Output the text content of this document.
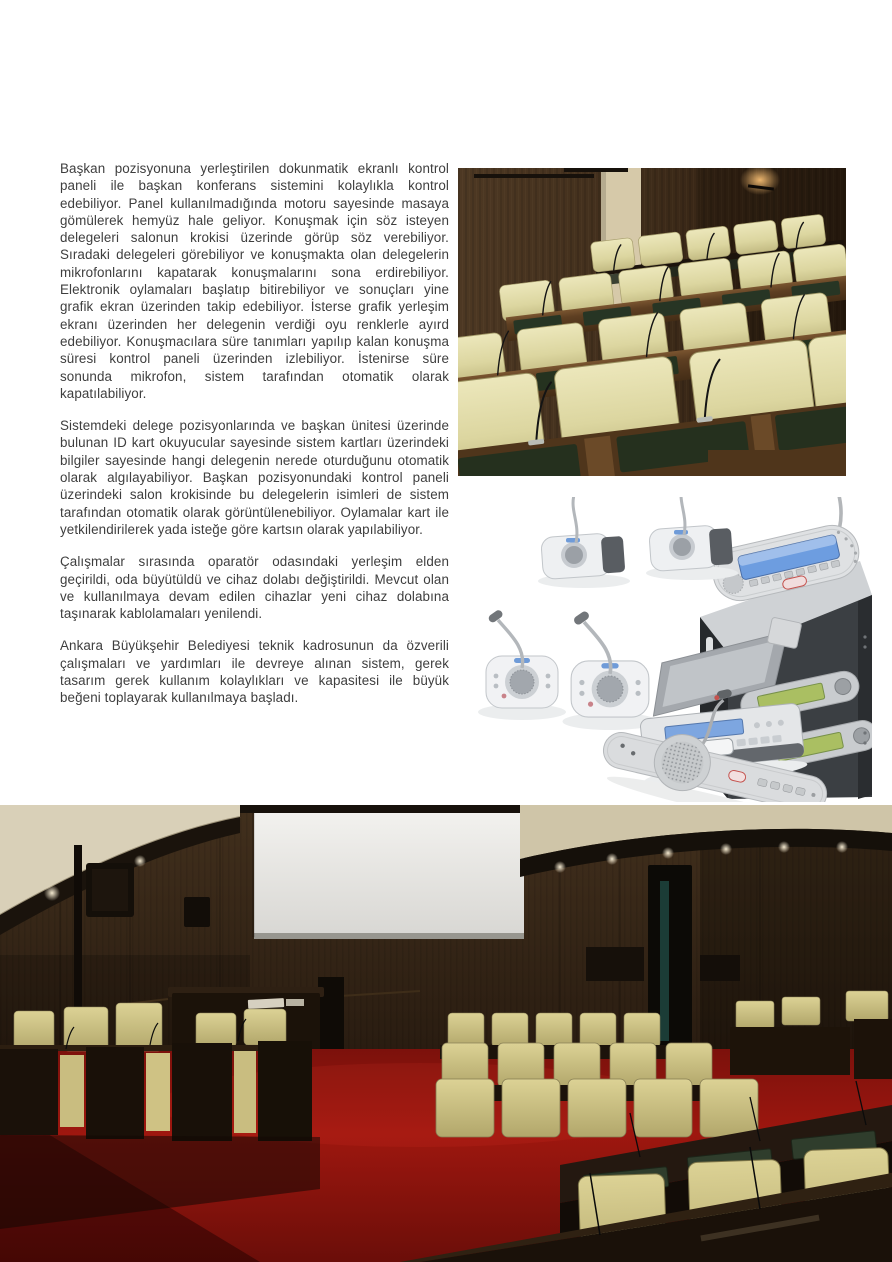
Başkan pozisyonuna yerleştirilen dokunmatik ekranlı kontrol paneli ile başkan konferans sistemini kolaylıkla kontrol edebiliyor. Panel kullanılmadığında motoru sayesinde masaya gömülerek hemyüz hale geliyor. Konuşmak için söz isteyen delegeleri salonun krokisi üzerinde görüp söz verebiliyor. Sıradaki delegeleri görebiliyor ve konuşmakta olan delegelerin mikrofonlarını kapatarak konuşmalarını sona erdirebiliyor. Elektronik oylamaları başlatıp bitirebiliyor ve sonuçları yine grafik ekran üzerinden takip edebiliyor. İsterse grafik yerleşim ekranı üzerinden her delegenin verdiği oyu renklerle ayırd edebiliyor. Konuşmacılara süre tanımları yapılıp kalan konuşma süresi kontrol paneli üzerinden izlebiliyor. İstenirse süre sonunda mikrofon, sistem tarafından otomatik olarak kapatılabiliyor.

Sistemdeki delege pozisyonlarında ve başkan ünitesi üzerinde bulunan ID kart okuyucular sayesinde sistem kartları üzerindeki bilgiler sayesinde hangi delegenin nerede oturduğunu otomatik olarak algılayabiliyor. Başkan pozisyonundaki kontrol paneli üzerindeki salon krokisinde bu delegelerin isimleri de sistem tarafından otomatik olarak görüntülenebiliyor. Oylamalar kart ile yetkilendirilerek yada isteğe göre kartsın olarak yapılabiliyor.

Çalışmalar sırasında oparatör odasındaki yerleşim elden geçirildi, oda büyütüldü ve cihaz dolabı değiştirildi. Mevcut olan ve kullanılmaya devam edilen cihazlar yeni cihaz dolabına taşınarak kablolamaları yenilendi.

Ankara Büyükşehir Belediyesi teknik kadrosunun da özverili çalışmaları ve yardımları ile devreye alınan sistem, gerek tasarım gerek kullanım kolaylıkları ve kapasitesi ile büyük beğeni toplayarak kullanılmaya başladı.
